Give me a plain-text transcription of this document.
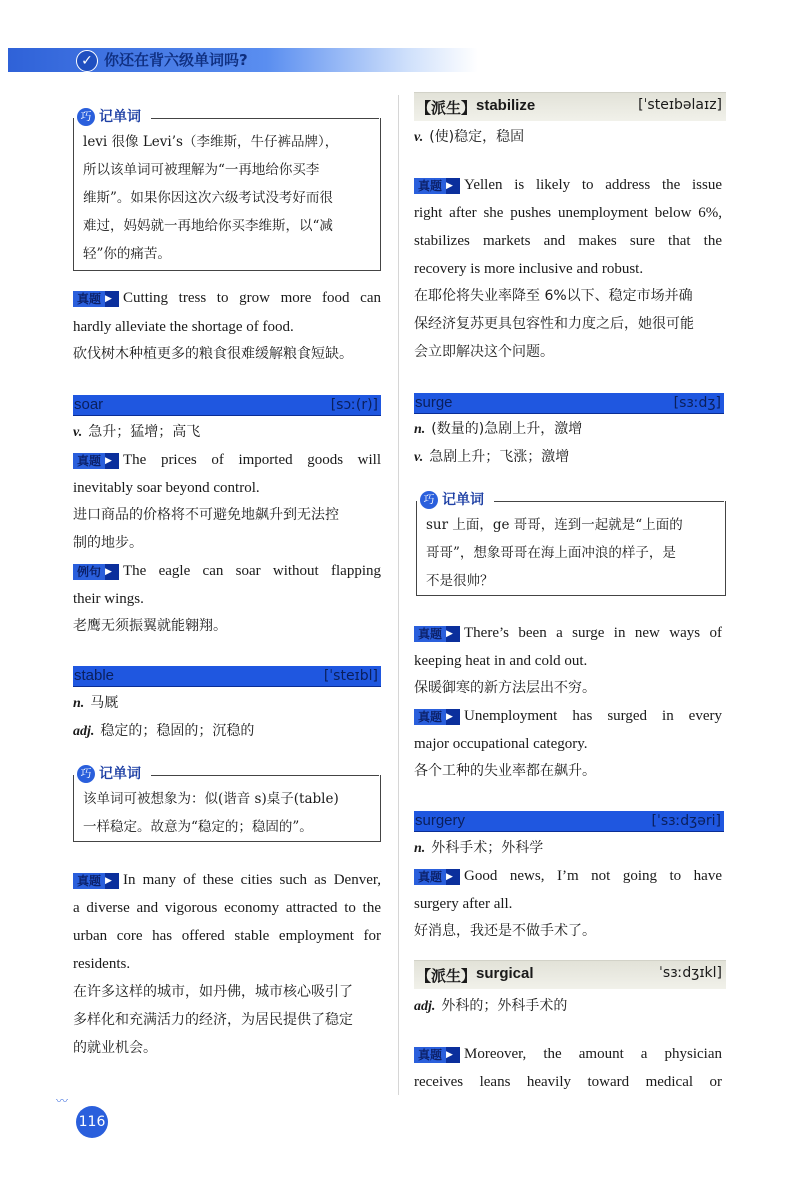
✓ 你还在背六级单词吗?
巧 记单词
levi 很像 Levi’s（李维斯，牛仔裤品牌），
所以该单词可被理解为“一再地给你买李
维斯”。如果你因这次六级考试没考好而很
难过，妈妈就一再地给你买李维斯，以“减
轻”你的痛苦。
真题 ▶ Cutting tress to grow more food can
hardly alleviate the shortage of food.
砍伐树木种植更多的粮食很难缓解粮食短缺。
soar	[sɔː(r)]
v. 急升；猛增；高飞
真题 ▶ The prices of imported goods will
inevitably soar beyond control.
进口商品的价格将不可避免地飙升到无法控
制的地步。
例句 ▶ The eagle can soar without flapping
their wings.
老鹰无须振翼就能翱翔。
stable	[ˈsteɪbl]
n. 马厩
adj. 稳定的；稳固的；沉稳的
巧 记单词
该单词可被想象为：似(谐音 s)桌子(table)
一样稳定。故意为“稳定的；稳固的”。
真题 ▶ In many of these cities such as Denver,
a diverse and vigorous economy attracted to the
urban core has offered stable employment for
residents.
在许多这样的城市，如丹佛，城市核心吸引了
多样化和充满活力的经济，为居民提供了稳定
的就业机会。
【派生】 stabilize	[ˈsteɪbəlaɪz]
v. (使)稳定，稳固
真题 ▶ Yellen is likely to address the issue
right after she pushes unemployment below 6%,
stabilizes markets and makes sure that the
recovery is more inclusive and robust.
在耶伦将失业率降至 6%以下、稳定市场并确
保经济复苏更具包容性和力度之后，她很可能
会立即解决这个问题。
surge	[sɜːdʒ]
n. (数量的)急剧上升，激增
v. 急剧上升；飞涨；激增
巧 记单词
sur 上面，ge 哥哥，连到一起就是“上面的
哥哥”，想象哥哥在海上面冲浪的样子，是
不是很帅？
真题 ▶ There’s been a surge in new ways of
keeping heat in and cold out.
保暖御寒的新方法层出不穷。
真题 ▶ Unemployment has surged in every
major occupational category.
各个工种的失业率都在飙升。
surgery	[ˈsɜːdʒəri]
n. 外科手术；外科学
真题 ▶ Good news, I’m not going to have
surgery after all.
好消息，我还是不做手术了。
【派生】 surgical	ˈsɜːdʒɪkl]
adj. 外科的；外科手术的
真题 ▶ Moreover, the amount a physician
receives leans heavily toward medical or
〰
116
